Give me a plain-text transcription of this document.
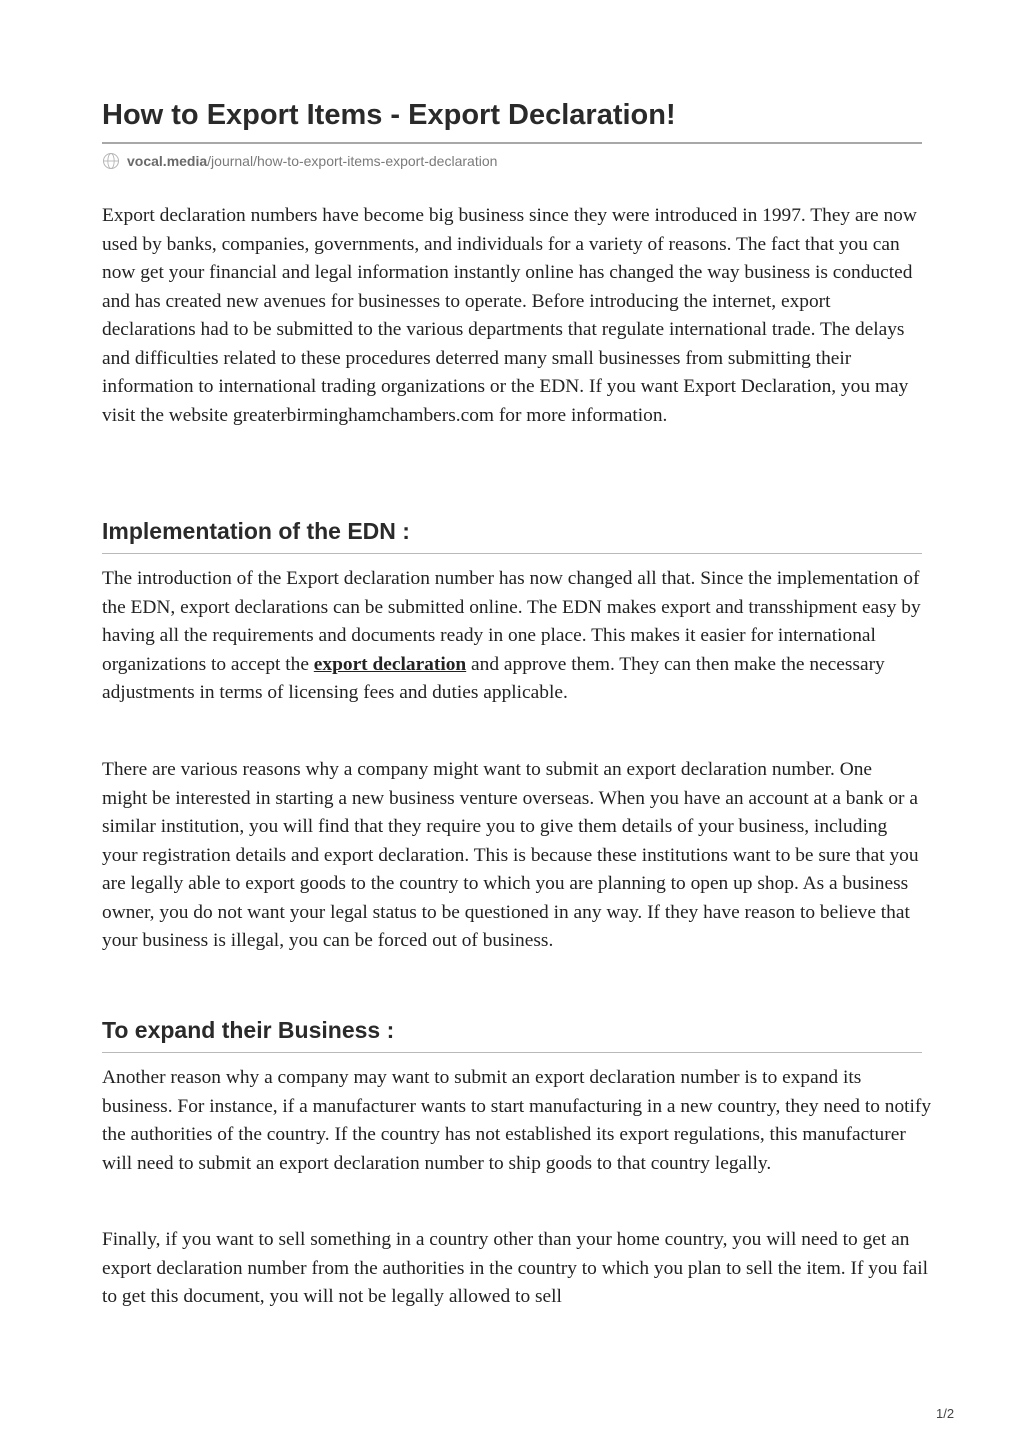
How to Export Items - Export Declaration!
vocal.media /journal/how-to-export-items-export-declaration

Export declaration numbers have become big business since they were introduced in 1997. They are now used by banks, companies, governments, and individuals for a variety of reasons. The fact that you can now get your financial and legal information instantly online has changed the way business is conducted and has created new avenues for businesses to operate. Before introducing the internet, export declarations had to be submitted to the various departments that regulate international trade. The delays and difficulties related to these procedures deterred many small businesses from submitting their information to international trading organizations or the EDN. If you want Export Declaration, you may visit the website greaterbirminghamchambers.com for more information.

Implementation of the EDN :

The introduction of the Export declaration number has now changed all that. Since the implementation of the EDN, export declarations can be submitted online. The EDN makes export and transshipment easy by having all the requirements and documents ready in one place. This makes it easier for international organizations to accept the export declaration and approve them. They can then make the necessary adjustments in terms of licensing fees and duties applicable.

There are various reasons why a company might want to submit an export declaration number. One might be interested in starting a new business venture overseas. When you have an account at a bank or a similar institution, you will find that they require you to give them details of your business, including your registration details and export declaration. This is because these institutions want to be sure that you are legally able to export goods to the country to which you are planning to open up shop. As a business owner, you do not want your legal status to be questioned in any way. If they have reason to believe that your business is illegal, you can be forced out of business.

To expand their Business :

Another reason why a company may want to submit an export declaration number is to expand its business. For instance, if a manufacturer wants to start manufacturing in a new country, they need to notify the authorities of the country. If the country has not established its export regulations, this manufacturer will need to submit an export declaration number to ship goods to that country legally.

Finally, if you want to sell something in a country other than your home country, you will need to get an export declaration number from the authorities in the country to which you plan to sell the item. If you fail to get this document, you will not be legally allowed to sell

1/2
